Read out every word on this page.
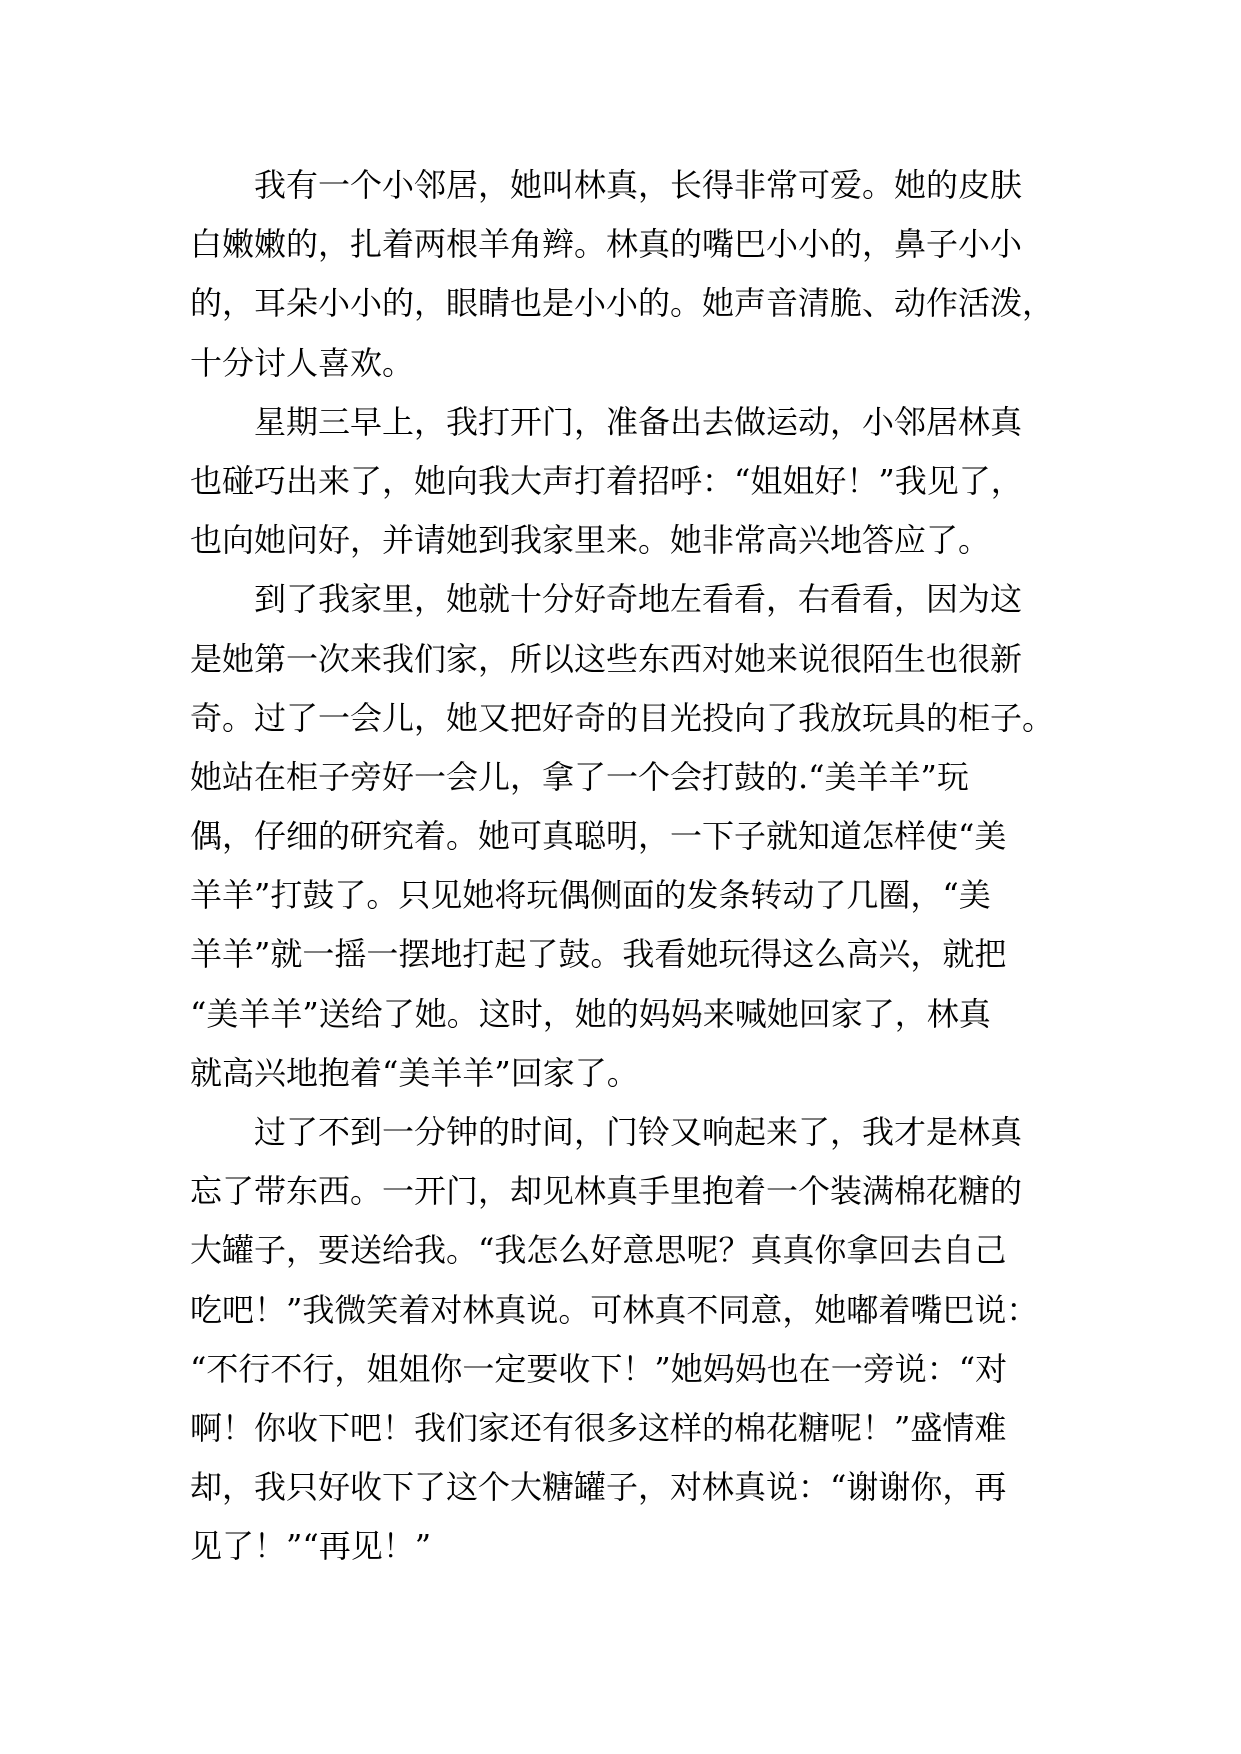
　　我有一个小邻居，她叫林真，长得非常可爱。她的皮肤
白嫩嫩的，扎着两根羊角辫。林真的嘴巴小小的，鼻子小小
的，耳朵小小的，眼睛也是小小的。她声音清脆、动作活泼，
十分讨人喜欢。
　　星期三早上，我打开门，准备出去做运动，小邻居林真
也碰巧出来了，她向我大声打着招呼：“姐姐好！”我见了，
也向她问好，并请她到我家里来。她非常高兴地答应了。
　　到了我家里，她就十分好奇地左看看，右看看，因为这
是她第一次来我们家，所以这些东西对她来说很陌生也很新
奇。过了一会儿，她又把好奇的目光投向了我放玩具的柜子。
她站在柜子旁好一会儿，拿了一个会打鼓的.“美羊羊”玩
偶，仔细的研究着。她可真聪明，一下子就知道怎样使“美
羊羊”打鼓了。只见她将玩偶侧面的发条转动了几圈，“美
羊羊”就一摇一摆地打起了鼓。我看她玩得这么高兴，就把
“美羊羊”送给了她。这时，她的妈妈来喊她回家了，林真
就高兴地抱着“美羊羊”回家了。
　　过了不到一分钟的时间，门铃又响起来了，我才是林真
忘了带东西。一开门，却见林真手里抱着一个装满棉花糖的
大罐子，要送给我。“我怎么好意思呢？真真你拿回去自己
吃吧！”我微笑着对林真说。可林真不同意，她嘟着嘴巴说：
“不行不行，姐姐你一定要收下！”她妈妈也在一旁说：“对
啊！你收下吧！我们家还有很多这样的棉花糖呢！”盛情难
却，我只好收下了这个大糖罐子，对林真说：“谢谢你，再
见了！”“再见！”
